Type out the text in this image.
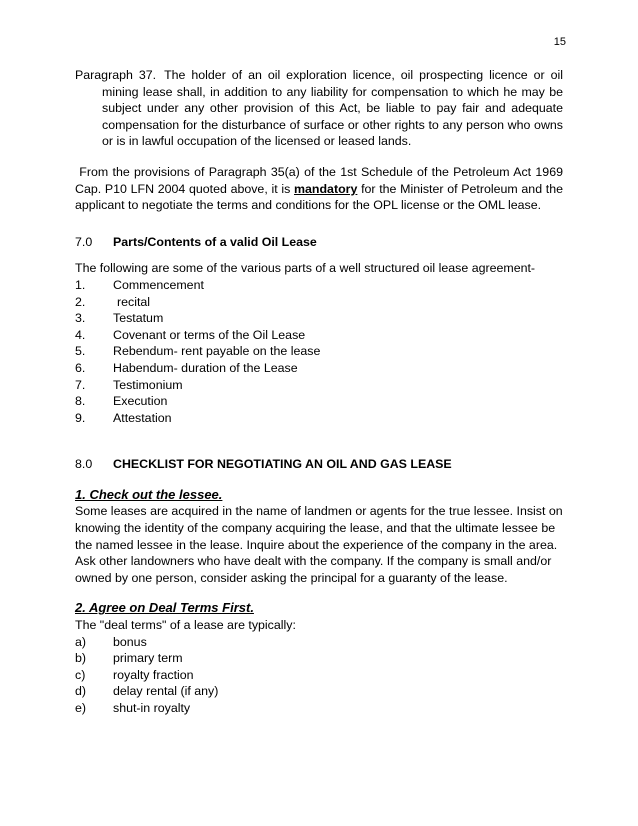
15

Paragraph 37. The holder of an oil exploration licence, oil prospecting licence or oil mining lease shall, in addition to any liability for compensation to which he may be subject under any other provision of this Act, be liable to pay fair and adequate compensation for the disturbance of surface or other rights to any person who owns or is in lawful occupation of the licensed or leased lands.

From the provisions of Paragraph 35(a) of the 1st Schedule of the Petroleum Act 1969 Cap. P10 LFN 2004 quoted above, it is mandatory for the Minister of Petroleum and the applicant to negotiate the terms and conditions for the OPL license or the OML lease.

7.0	Parts/Contents of a valid Oil Lease

The following are some of the various parts of a well structured oil lease agreement-

1.	Commencement
2.	recital
3.	Testatum
4.	Covenant or terms of the Oil Lease
5.	Rebendum- rent payable on the lease
6.	Habendum- duration of the Lease
7.	Testimonium
8.	Execution
9.	Attestation
8.0	CHECKLIST FOR NEGOTIATING AN OIL AND GAS LEASE
1. Check out the lessee.

Some leases are acquired in the name of landmen or agents for the true lessee. Insist on knowing the identity of the company acquiring the lease, and that the ultimate lessee be the named lessee in the lease. Inquire about the experience of the company in the area. Ask other landowners who have dealt with the company. If the company is small and/or owned by one person, consider asking the principal for a guaranty of the lease.

2. Agree on Deal Terms First.

The "deal terms" of a lease are typically:

a)	bonus
b)	primary term
c)	royalty fraction
d)	delay rental (if any)
e)	shut-in royalty
